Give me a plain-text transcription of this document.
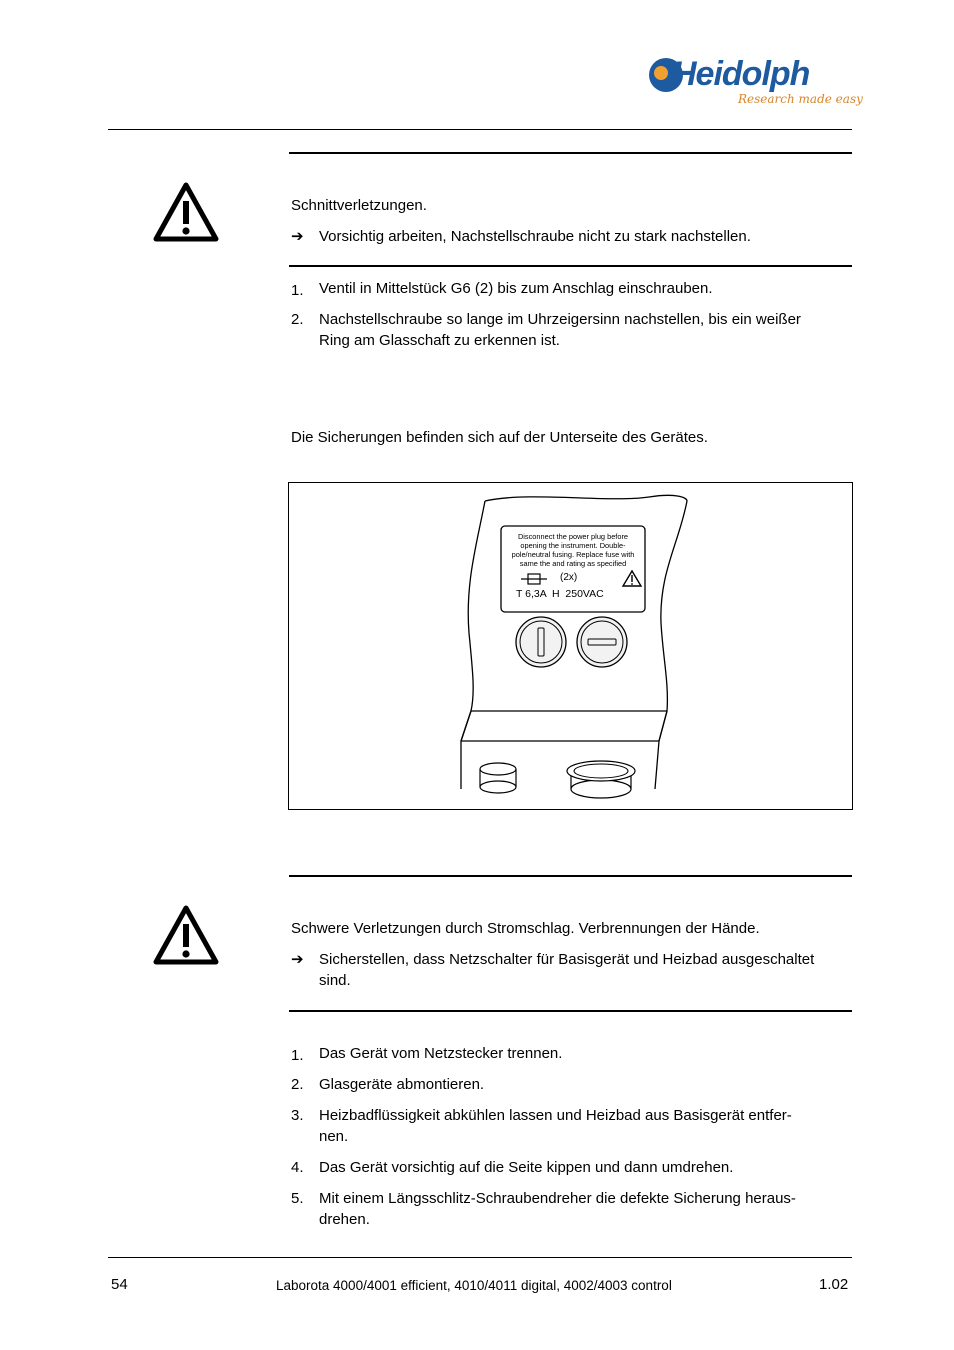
Heidolph
Research made easy
Schnittverletzungen.
➔ Vorsichtig arbeiten, Nachstellschraube nicht zu stark nachstellen.
1. Ventil in Mittelstück G6 (2) bis zum Anschlag einschrauben.
2. Nachstellschraube so lange im Uhrzeigersinn nachstellen, bis ein weißer
Ring am Glasschaft zu erkennen ist.
Die Sicherungen befinden sich auf der Unterseite des Gerätes.
Disconnect the power plug before
opening the instrument. Double-
pole/neutral fusing. Replace fuse with
same the and rating as specified
(2x)
T 6,3A  H  250VAC
Schwere Verletzungen durch Stromschlag. Verbrennungen der Hände.
➔ Sicherstellen, dass Netzschalter für Basisgerät und Heizbad ausgeschaltet
sind.
1. Das Gerät vom Netzstecker trennen.
2. Glasgeräte abmontieren.
3. Heizbadflüssigkeit abkühlen lassen und Heizbad aus Basisgerät entfer-
nen.
4. Das Gerät vorsichtig auf die Seite kippen und dann umdrehen.
5. Mit einem Längsschlitz-Schraubendreher die defekte Sicherung heraus-
drehen.
54	Laborota 4000/4001 efficient, 4010/4011 digital, 4002/4003 control	1.02
